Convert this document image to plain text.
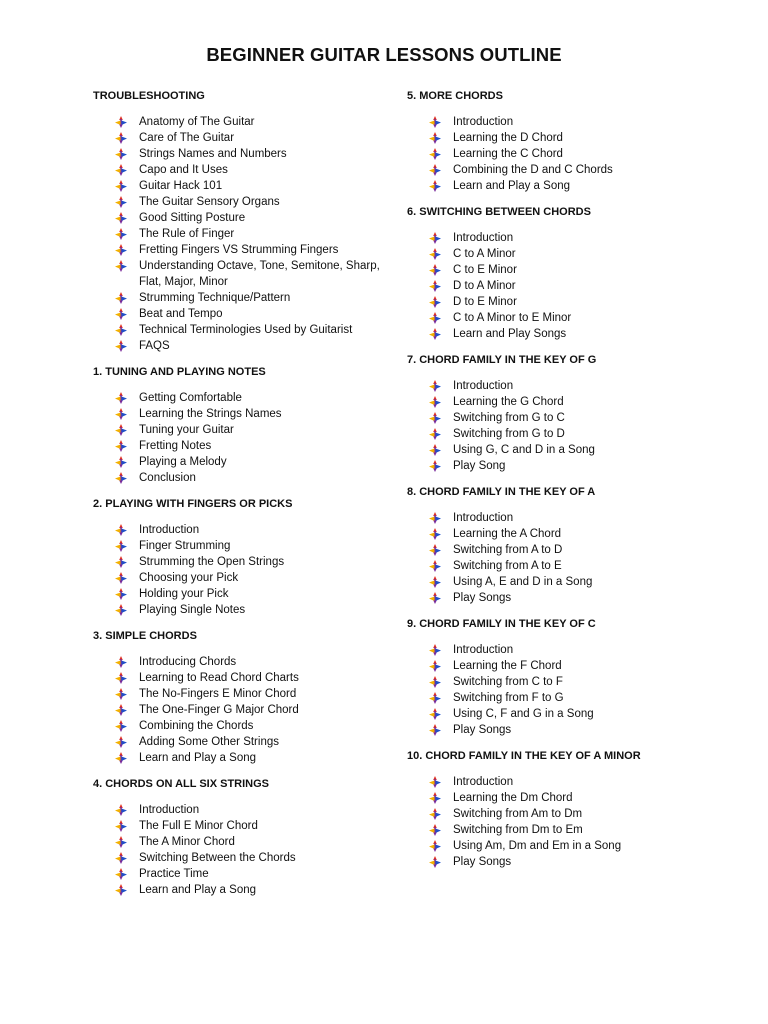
BEGINNER GUITAR LESSONS OUTLINE
TROUBLESHOOTING
Anatomy of The Guitar
Care of The Guitar
Strings Names and Numbers
Capo and It Uses
Guitar Hack 101
The Guitar Sensory Organs
Good Sitting Posture
The Rule of Finger
Fretting Fingers VS Strumming Fingers
Understanding Octave, Tone, Semitone, Sharp, Flat, Major, Minor
Strumming Technique/Pattern
Beat and Tempo
Technical Terminologies Used by Guitarist
FAQS
1. TUNING AND PLAYING NOTES
Getting Comfortable
Learning the Strings Names
Tuning your Guitar
Fretting Notes
Playing a Melody
Conclusion
2. PLAYING WITH FINGERS OR PICKS
Introduction
Finger Strumming
Strumming the Open Strings
Choosing your Pick
Holding your Pick
Playing Single Notes
3. SIMPLE CHORDS
Introducing Chords
Learning to Read Chord Charts
The No-Fingers E Minor Chord
The One-Finger G Major Chord
Combining the Chords
Adding Some Other Strings
Learn and Play a Song
4. CHORDS ON ALL SIX STRINGS
Introduction
The Full E Minor Chord
The A Minor Chord
Switching Between the Chords
Practice Time
Learn and Play a Song
5. MORE CHORDS
Introduction
Learning the D Chord
Learning the C Chord
Combining the D and C Chords
Learn and Play a Song
6. SWITCHING BETWEEN CHORDS
Introduction
C to A Minor
C to E Minor
D to A Minor
D to E Minor
C to A Minor to E Minor
Learn and Play Songs
7. CHORD FAMILY IN THE KEY OF G
Introduction
Learning the G Chord
Switching from G to C
Switching from G to D
Using G, C and D in a Song
Play Song
8. CHORD FAMILY IN THE KEY OF A
Introduction
Learning the A Chord
Switching from A to D
Switching from A to E
Using A, E and D in a Song
Play Songs
9. CHORD FAMILY IN THE KEY OF C
Introduction
Learning the F Chord
Switching from C to F
Switching from F to G
Using C, F and G in a Song
Play Songs
10. CHORD FAMILY IN THE KEY OF A MINOR
Introduction
Learning the Dm Chord
Switching from Am to Dm
Switching from Dm to Em
Using Am, Dm and Em in a Song
Play Songs
